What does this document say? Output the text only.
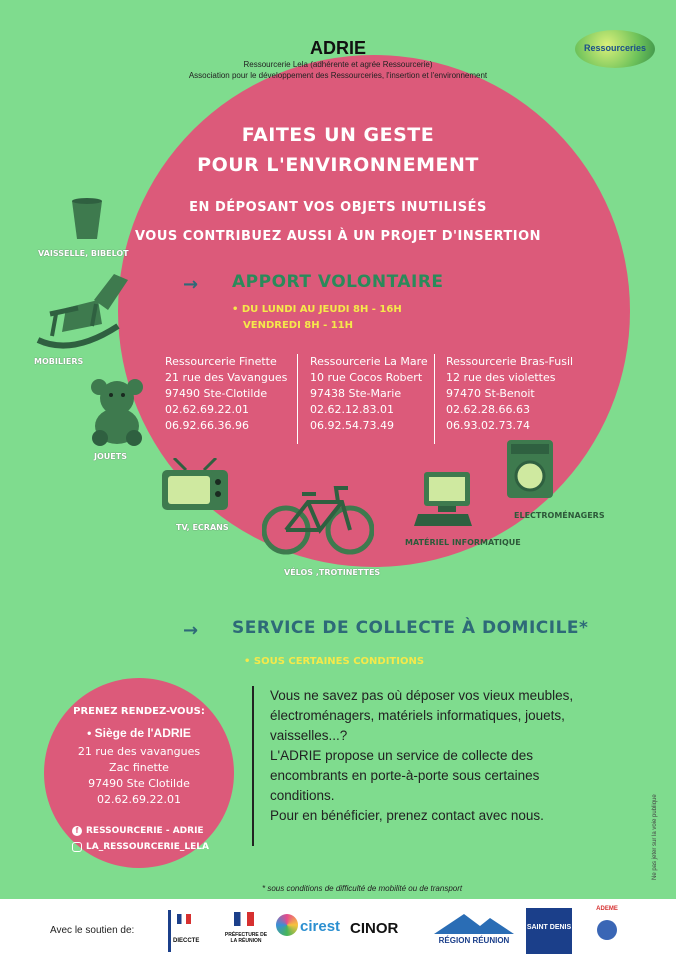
ADRIE
Ressourcerie Lela (adhérente et agrée Ressourcerie)
Association pour le développement des Ressourceries, l'insertion et l'environnement
Ressourceries
FAITES UN GESTE
POUR L'ENVIRONNEMENT
EN DÉPOSANT VOS OBJETS INUTILISÉS
VOUS CONTRIBUEZ AUSSI À UN PROJET D'INSERTION
→ APPORT VOLONTAIRE
• DU LUNDI AU JEUDI 8H - 16H
VENDREDI 8H - 11H
Ressourcerie Finette
21 rue des Vavangues
97490 Ste-Clotilde
02.62.69.22.01
06.92.66.36.96
Ressourcerie La Mare
10 rue Cocos Robert
97438 Ste-Marie
02.62.12.83.01
06.92.54.73.49
Ressourcerie Bras-Fusil
12 rue des violettes
97470 St-Benoit
02.62.28.66.63
06.93.02.73.74
VAISSELLE, BIBELOT
MOBILIERS
JOUETS
TV, ECRANS
VÉLOS ,TROTINETTES
MATÉRIEL INFORMATIQUE
ELECTROMÉNAGERS
→ SERVICE DE COLLECTE À DOMICILE*
• SOUS CERTAINES CONDITIONS
Vous ne savez pas où déposer vos vieux meubles,
électroménagers, matériels informatiques, jouets,
vaisselles...?
L'ADRIE propose un service de collecte des
encombrants en porte-à-porte sous certaines
conditions.
Pour en bénéficier, prenez contact avec nous.
PRENEZ RENDEZ-VOUS:
• Siège de l'ADRIE
21 rue des vavangues
Zac finette
97490 Ste Clotilde
02.62.69.22.01
f RESSOURCERIE - ADRIE
LA_RESSOURCERIE_LELA
* sous conditions de difficulté de mobilité ou de transport
Ne pas jeter sur la voie publique
Avec le soutien de:
DIECCTE
PRÉFECTURE DE LA RÉUNION
cirest CINOR
RÉGION RÉUNION
SAINT DENIS
ADEME
